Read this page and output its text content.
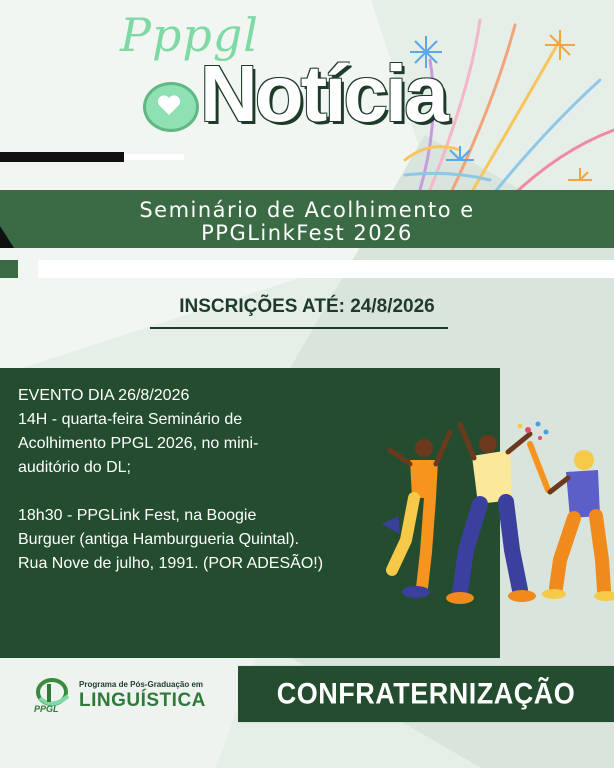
Pppgl
Notícia
Seminário de Acolhimento e
PPGLinkFest 2026
INSCRIÇÕES ATÉ: 24/8/2026

EVENTO DIA 26/8/2026

14H - quarta-feira Seminário de

Acolhimento PPGL 2026, no mini-

auditório do DL;

18h30 - PPGLink Fest, na Boogie

Burguer (antiga Hamburgueria Quintal).

Rua Nove de julho, 1991. (POR ADESÃO!)

PPGL
Programa de Pós-Graduação em
LINGUÍSTICA	CONFRATERNIZAÇÃO
